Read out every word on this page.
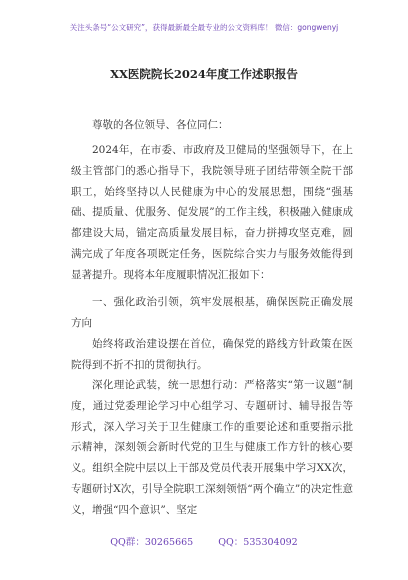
关注头条号“公文研究”，获得最新最全最专业的公文资料库！ 微信：gongwenyj
XX医院院长2024年度工作述职报告
尊敬的各位领导、各位同仁：
2024年，在市委、市政府及卫健局的坚强领导下，在上级主管部门的悉心指导下，我院领导班子团结带领全院干部职工，始终坚持以人民健康为中心的发展思想，围绕“强基础、提质量、优服务、促发展”的工作主线，积极融入健康成都建设大局，锚定高质量发展目标，奋力拼搏攻坚克难，圆满完成了年度各项既定任务，医院综合实力与服务效能得到显著提升。现将本年度履职情况汇报如下：
一、强化政治引领，筑牢发展根基，确保医院正确发展方向
始终将政治建设摆在首位，确保党的路线方针政策在医院得到不折不扣的贯彻执行。
深化理论武装，统一思想行动：严格落实“第一议题”制度，通过党委理论学习中心组学习、专题研讨、辅导报告等形式，深入学习关于卫生健康工作的重要论述和重要指示批示精神，深刻领会新时代党的卫生与健康工作方针的核心要义。组织全院中层以上干部及党员代表开展集中学习XX次，专题研讨X次，引导全院职工深刻领悟“两个确立”的决定性意义，增强“四个意识”、坚定
QQ群：30265665	QQ：535304092
